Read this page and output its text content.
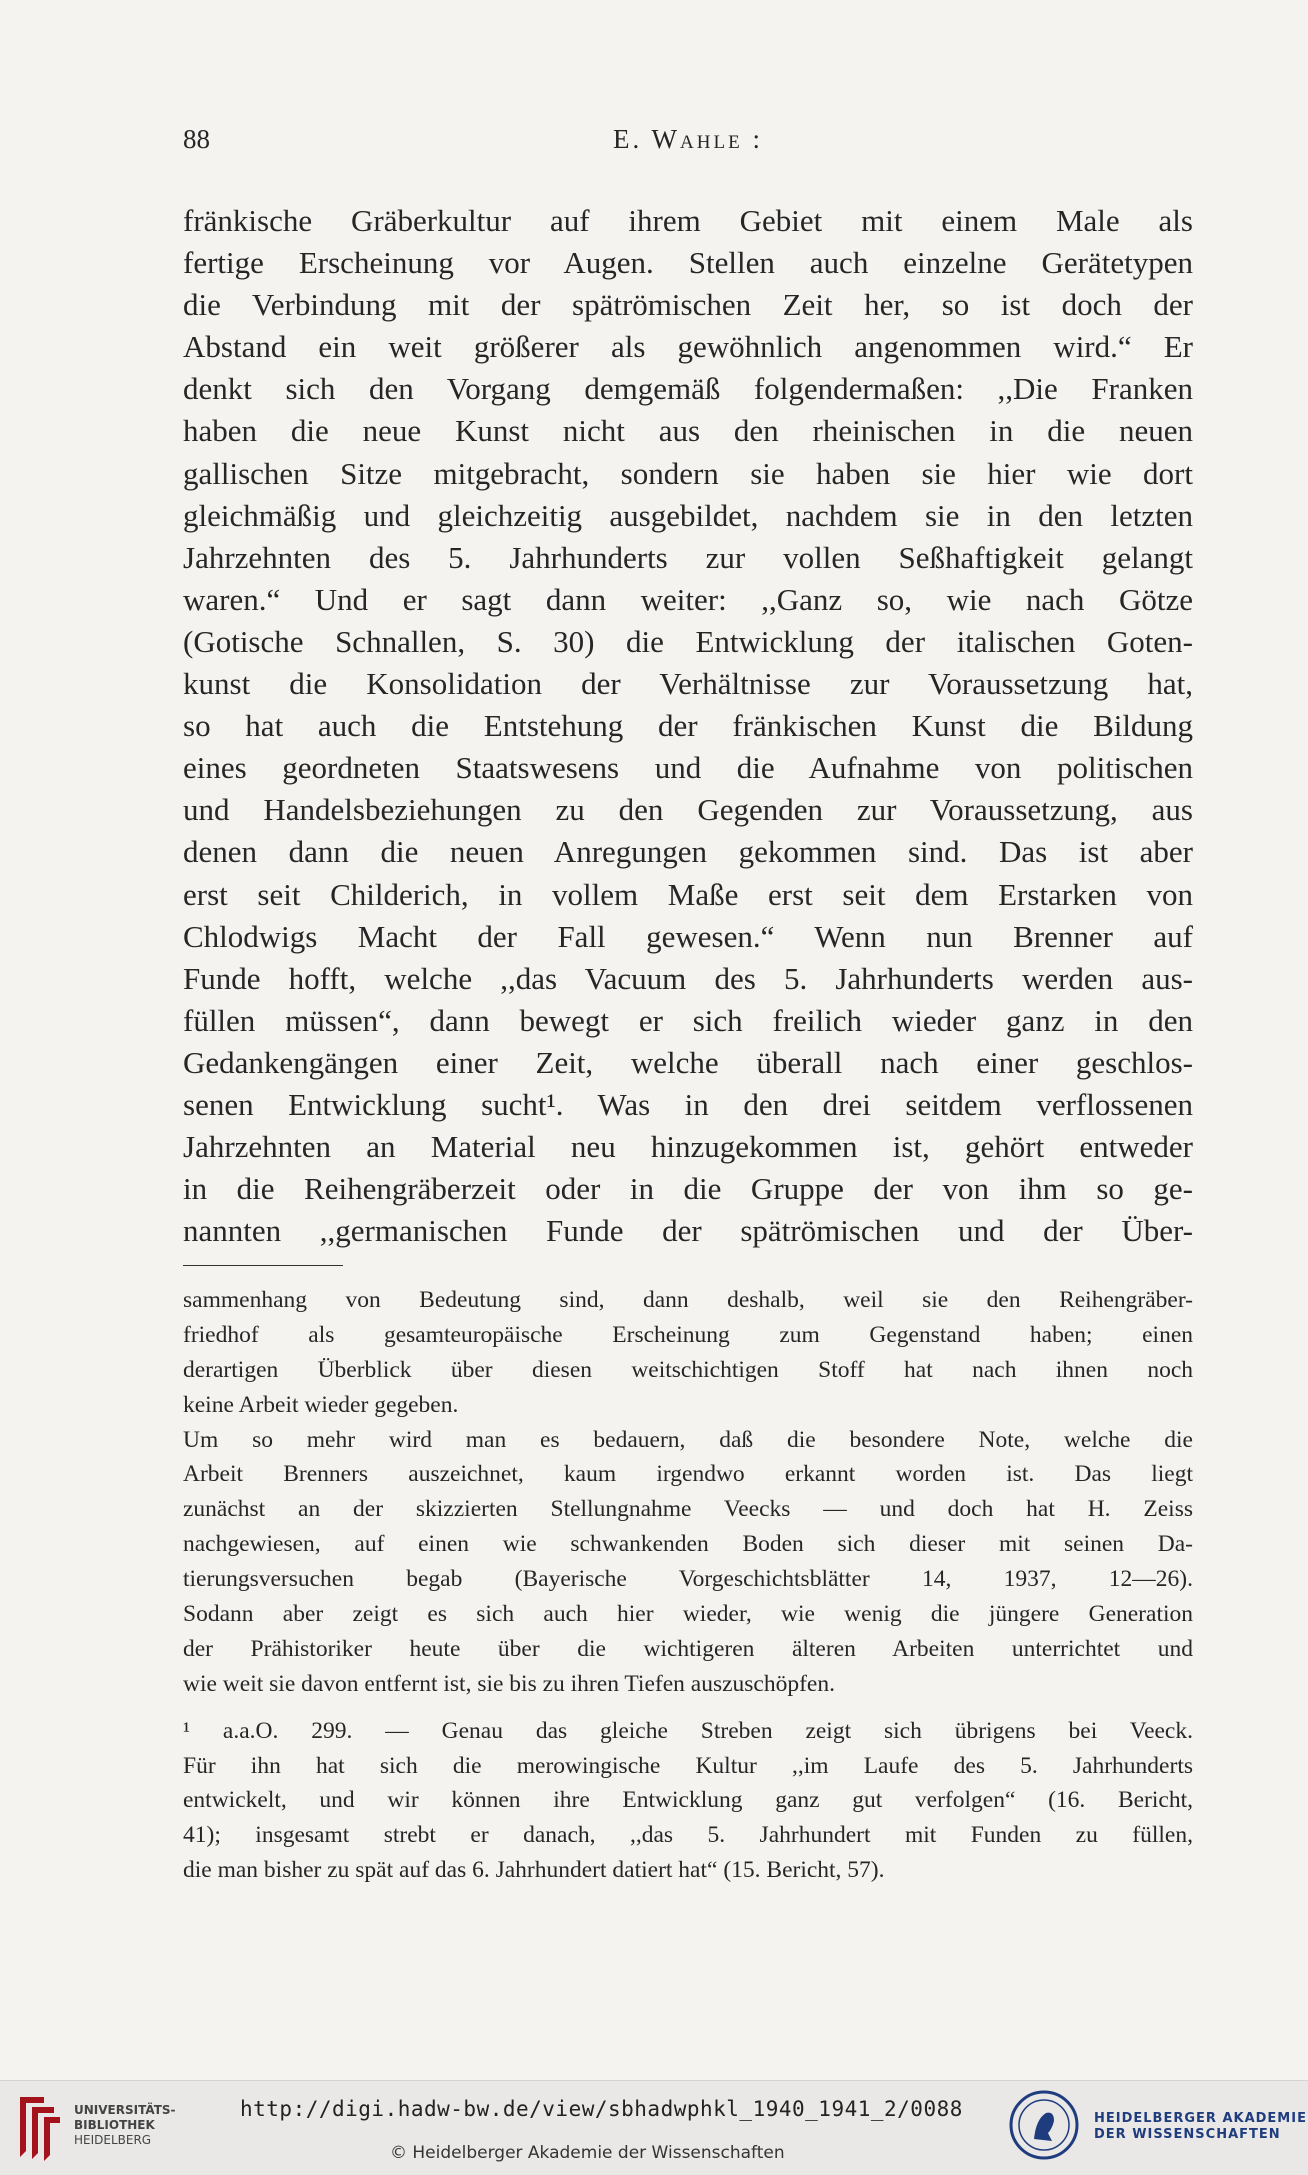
88	E. Wahle :
fränkische Gräberkultur auf ihrem Gebiet mit einem Male als
fertige Erscheinung vor Augen. Stellen auch einzelne Gerätetypen
die Verbindung mit der spätrömischen Zeit her, so ist doch der
Abstand ein weit größerer als gewöhnlich angenommen wird.“ Er
denkt sich den Vorgang demgemäß folgendermaßen: ,,Die Franken
haben die neue Kunst nicht aus den rheinischen in die neuen
gallischen Sitze mitgebracht, sondern sie haben sie hier wie dort
gleichmäßig und gleichzeitig ausgebildet, nachdem sie in den letzten
Jahrzehnten des 5. Jahrhunderts zur vollen Seßhaftigkeit gelangt
waren.“ Und er sagt dann weiter: ,,Ganz so, wie nach Götze
(Gotische Schnallen, S. 30) die Entwicklung der italischen Goten-
kunst die Konsolidation der Verhältnisse zur Voraussetzung hat,
so hat auch die Entstehung der fränkischen Kunst die Bildung
eines geordneten Staatswesens und die Aufnahme von politischen
und Handelsbeziehungen zu den Gegenden zur Voraussetzung, aus
denen dann die neuen Anregungen gekommen sind. Das ist aber
erst seit Childerich, in vollem Maße erst seit dem Erstarken von
Chlodwigs Macht der Fall gewesen.“ Wenn nun Brenner auf
Funde hofft, welche ,,das Vacuum des 5. Jahrhunderts werden aus-
füllen müssen“, dann bewegt er sich freilich wieder ganz in den
Gedankengängen einer Zeit, welche überall nach einer geschlos-
senen Entwicklung sucht¹. Was in den drei seitdem verflossenen
Jahrzehnten an Material neu hinzugekommen ist, gehört entweder
in die Reihengräberzeit oder in die Gruppe der von ihm so ge-
nannten ,,germanischen Funde der spätrömischen und der Über-
sammenhang von Bedeutung sind, dann deshalb, weil sie den Reihengräber-
friedhof als gesamteuropäische Erscheinung zum Gegenstand haben; einen
derartigen Überblick über diesen weitschichtigen Stoff hat nach ihnen noch
keine Arbeit wieder gegeben.
Um so mehr wird man es bedauern, daß die besondere Note, welche die
Arbeit Brenners auszeichnet, kaum irgendwo erkannt worden ist. Das liegt
zunächst an der skizzierten Stellungnahme Veecks — und doch hat H. Zeiss
nachgewiesen, auf einen wie schwankenden Boden sich dieser mit seinen Da-
tierungsversuchen begab (Bayerische Vorgeschichtsblätter 14, 1937, 12—26).
Sodann aber zeigt es sich auch hier wieder, wie wenig die jüngere Generation
der Prähistoriker heute über die wichtigeren älteren Arbeiten unterrichtet und
wie weit sie davon entfernt ist, sie bis zu ihren Tiefen auszuschöpfen.
¹ a.a.O. 299. — Genau das gleiche Streben zeigt sich übrigens bei Veeck.
Für ihn hat sich die merowingische Kultur ,,im Laufe des 5. Jahrhunderts
entwickelt, und wir können ihre Entwicklung ganz gut verfolgen“ (16. Bericht,
41); insgesamt strebt er danach, ,,das 5. Jahrhundert mit Funden zu füllen,
die man bisher zu spät auf das 6. Jahrhundert datiert hat“ (15. Bericht, 57).
UNIVERSITÄTS-
BIBLIOTHEK
HEIDELBERG
http://digi.hadw-bw.de/view/sbhadwphkl_1940_1941_2/0088
© Heidelberger Akademie der Wissenschaften
HEIDELBERGER AKADEMIE
DER WISSENSCHAFTEN
